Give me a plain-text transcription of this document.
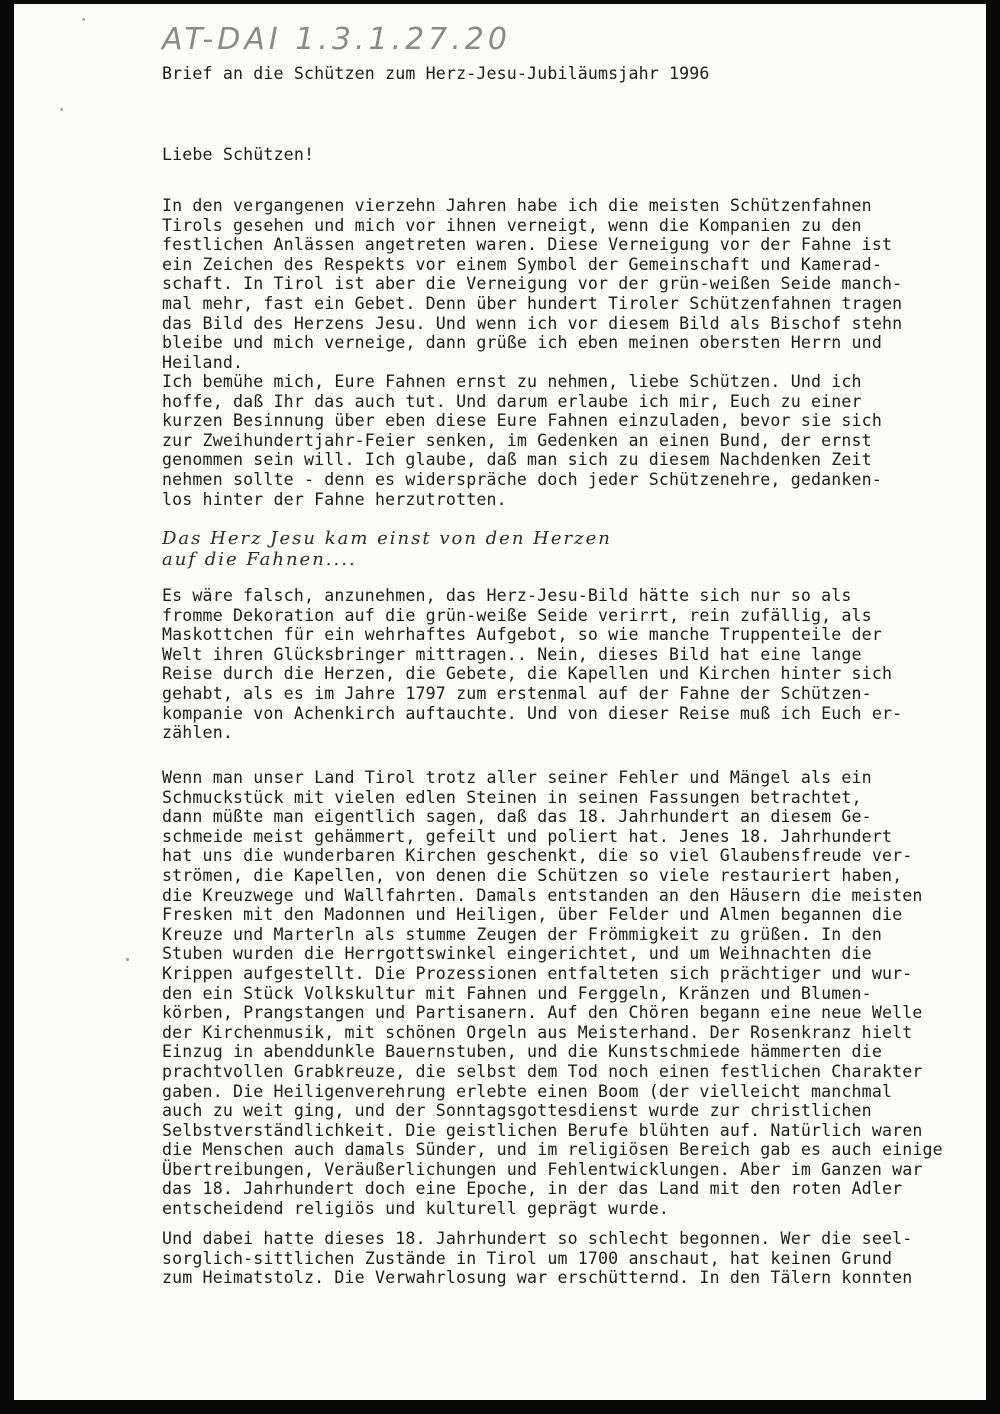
AT-DAI 1.3.1.27.20
Brief an die Schützen zum Herz-Jesu-Jubiläumsjahr 1996
Liebe Schützen!
In den vergangenen vierzehn Jahren habe ich die meisten Schützenfahnen
Tirols gesehen und mich vor ihnen verneigt, wenn die Kompanien zu den
festlichen Anlässen angetreten waren. Diese Verneigung vor der Fahne ist
ein Zeichen des Respekts vor einem Symbol der Gemeinschaft und Kamerad-
schaft. In Tirol ist aber die Verneigung vor der grün-weißen Seide manch-
mal mehr, fast ein Gebet. Denn über hundert Tiroler Schützenfahnen tragen
das Bild des Herzens Jesu. Und wenn ich vor diesem Bild als Bischof stehn
bleibe und mich verneige, dann grüße ich eben meinen obersten Herrn und
Heiland.
Ich bemühe mich, Eure Fahnen ernst zu nehmen, liebe Schützen. Und ich
hoffe, daß Ihr das auch tut. Und darum erlaube ich mir, Euch zu einer
kurzen Besinnung über eben diese Eure Fahnen einzuladen, bevor sie sich
zur Zweihundertjahr-Feier senken, im Gedenken an einen Bund, der ernst
genommen sein will. Ich glaube, daß man sich zu diesem Nachdenken Zeit
nehmen sollte - denn es widerspräche doch jeder Schützenehre, gedanken-
los hinter der Fahne herzutrotten.
Das Herz Jesu kam einst von den Herzen
auf die Fahnen....
Es wäre falsch, anzunehmen, das Herz-Jesu-Bild hätte sich nur so als
fromme Dekoration auf die grün-weiße Seide verirrt, rein zufällig, als
Maskottchen für ein wehrhaftes Aufgebot, so wie manche Truppenteile der
Welt ihren Glücksbringer mittragen.. Nein, dieses Bild hat eine lange
Reise durch die Herzen, die Gebete, die Kapellen und Kirchen hinter sich
gehabt, als es im Jahre 1797 zum erstenmal auf der Fahne der Schützen-
kompanie von Achenkirch auftauchte. Und von dieser Reise muß ich Euch er-
zählen.
Wenn man unser Land Tirol trotz aller seiner Fehler und Mängel als ein
Schmuckstück mit vielen edlen Steinen in seinen Fassungen betrachtet,
dann müßte man eigentlich sagen, daß das 18. Jahrhundert an diesem Ge-
schmeide meist gehämmert, gefeilt und poliert hat. Jenes 18. Jahrhundert
hat uns die wunderbaren Kirchen geschenkt, die so viel Glaubensfreude ver-
strömen, die Kapellen, von denen die Schützen so viele restauriert haben,
die Kreuzwege und Wallfahrten. Damals entstanden an den Häusern die meisten
Fresken mit den Madonnen und Heiligen, über Felder und Almen begannen die
Kreuze und Marterln als stumme Zeugen der Frömmigkeit zu grüßen. In den
Stuben wurden die Herrgottswinkel eingerichtet, und um Weihnachten die
Krippen aufgestellt. Die Prozessionen entfalteten sich prächtiger und wur-
den ein Stück Volkskultur mit Fahnen und Ferggeln, Kränzen und Blumen-
körben, Prangstangen und Partisanern. Auf den Chören begann eine neue Welle
der Kirchenmusik, mit schönen Orgeln aus Meisterhand. Der Rosenkranz hielt
Einzug in abenddunkle Bauernstuben, und die Kunstschmiede hämmerten die
prachtvollen Grabkreuze, die selbst dem Tod noch einen festlichen Charakter
gaben. Die Heiligenverehrung erlebte einen Boom (der vielleicht manchmal
auch zu weit ging, und der Sonntagsgottesdienst wurde zur christlichen
Selbstverständlichkeit. Die geistlichen Berufe blühten auf. Natürlich waren
die Menschen auch damals Sünder, und im religiösen Bereich gab es auch einige
Übertreibungen, Veräußerlichungen und Fehlentwicklungen. Aber im Ganzen war
das 18. Jahrhundert doch eine Epoche, in der das Land mit den roten Adler
entscheidend religiös und kulturell geprägt wurde.
Und dabei hatte dieses 18. Jahrhundert so schlecht begonnen. Wer die seel-
sorglich-sittlichen Zustände in Tirol um 1700 anschaut, hat keinen Grund
zum Heimatstolz. Die Verwahrlosung war erschütternd. In den Tälern konnten
